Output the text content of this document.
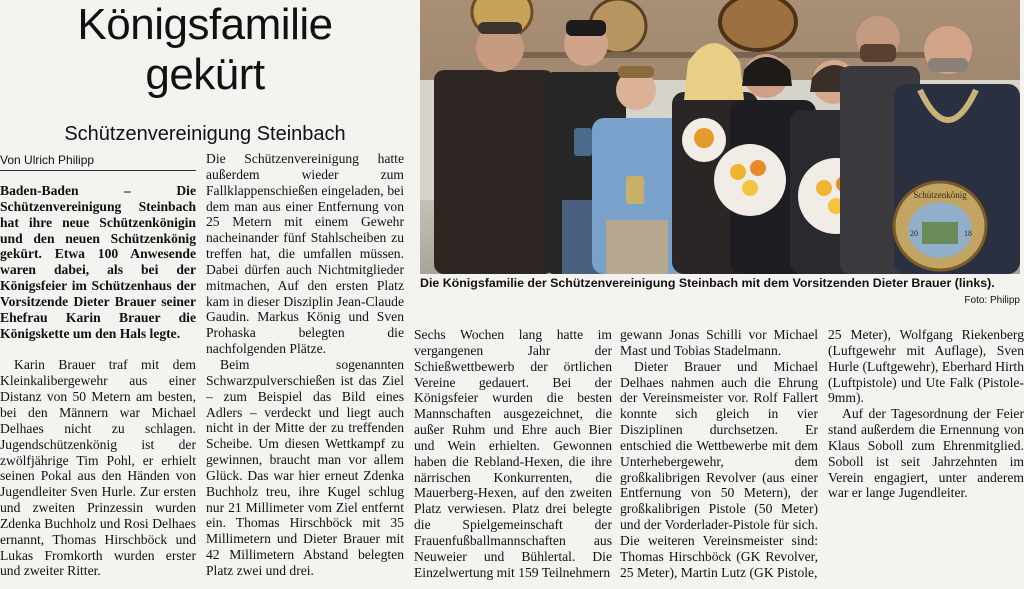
Königsfamilie
gekürt
Schützenvereinigung Steinbach
Von Ulrich Philipp

Baden-Baden – Die Schützenvereinigung Steinbach hat ihre neue Schützenkönigin und den neuen Schützenkönig gekürt. Etwa 100 Anwesende waren dabei, als bei der Königsfeier im Schützenhaus der Vorsitzende Dieter Brauer seiner Ehefrau Karin Brauer die Königskette um den Hals legte.

Karin Brauer traf mit dem Kleinkalibergewehr aus einer Distanz von 50 Metern am besten, bei den Männern war Michael Delhaes nicht zu schlagen. Jugendschützenkönig ist der zwölfjährige Tim Pohl, er erhielt seinen Pokal aus den Händen von Jugendleiter Sven Hurle. Zur ersten und zweiten Prinzessin wurden Zdenka Buchholz und Rosi Delhaes ernannt, Thomas Hirschböck und Lukas Fromkorth wurden erster und zweiter Ritter.

Die Schützenvereinigung hatte außerdem wieder zum Fallklappenschießen eingeladen, bei dem man aus einer Entfernung von 25 Metern mit einem Gewehr nacheinander fünf Stahlscheiben zu treffen hat, die umfallen müssen. Dabei dürfen auch Nichtmitglieder mitmachen, Auf den ersten Platz kam in dieser Disziplin Jean-Claude Gaudin. Markus König und Sven Prohaska belegten die nachfolgenden Plätze.

Beim sogenannten Schwarzpulverschießen ist das Ziel – zum Beispiel das Bild eines Adlers – verdeckt und liegt auch nicht in der Mitte der zu treffenden Scheibe. Um diesen Wettkampf zu gewinnen, braucht man vor allem Glück. Das war hier erneut Zdenka Buchholz treu, ihre Kugel schlug nur 21 Millimeter vom Ziel entfernt ein. Thomas Hirschböck mit 35 Millimetern und Dieter Brauer mit 42 Millimetern Abstand belegten Platz zwei und drei.

Sechs Wochen lang hatte im vergangenen Jahr der Schießwettbewerb der örtlichen Vereine gedauert. Bei der Königsfeier wurden die besten Mannschaften ausgezeichnet, die außer Ruhm und Ehre auch Bier und Wein erhielten. Gewonnen haben die Rebland-Hexen, die ihre närrischen Konkurrenten, die Mauerberg-Hexen, auf den zweiten Platz verwiesen. Platz drei belegte die Spielgemeinschaft der Frauenfußballmannschaften aus Neuweier und Bühlertal. Die Einzelwertung mit 159 Teilnehmern

gewann Jonas Schilli vor Michael Mast und Tobias Stadelmann.

Dieter Brauer und Michael Delhaes nahmen auch die Ehrung der Vereinsmeister vor. Rolf Fallert konnte sich gleich in vier Disziplinen durchsetzen. Er entschied die Wettbewerbe mit dem Unterhebergewehr, dem großkalibrigen Revolver (aus einer Entfernung von 50 Metern), der großkalibrigen Pistole (50 Meter) und der Vorderlader-Pistole für sich. Die weiteren Vereinsmeister sind: Thomas Hirschböck (GK Revolver, 25 Meter), Martin Lutz (GK Pistole,

25 Meter), Wolfgang Riekenberg (Luftgewehr mit Auflage), Sven Hurle (Luftgewehr), Eberhard Hirth (Luftpistole) und Ute Falk (Pistole-9mm).

Auf der Tagesordnung der Feier stand außerdem die Ernennung von Klaus Soboll zum Ehrenmitglied. Soboll ist seit Jahrzehnten im Verein engagiert, unter anderem war er lange Jugendleiter.

Schützenkönig
20	18
Die Königsfamilie der Schützenvereinigung Steinbach mit dem Vorsitzenden Dieter Brauer (links).
Foto: Philipp
